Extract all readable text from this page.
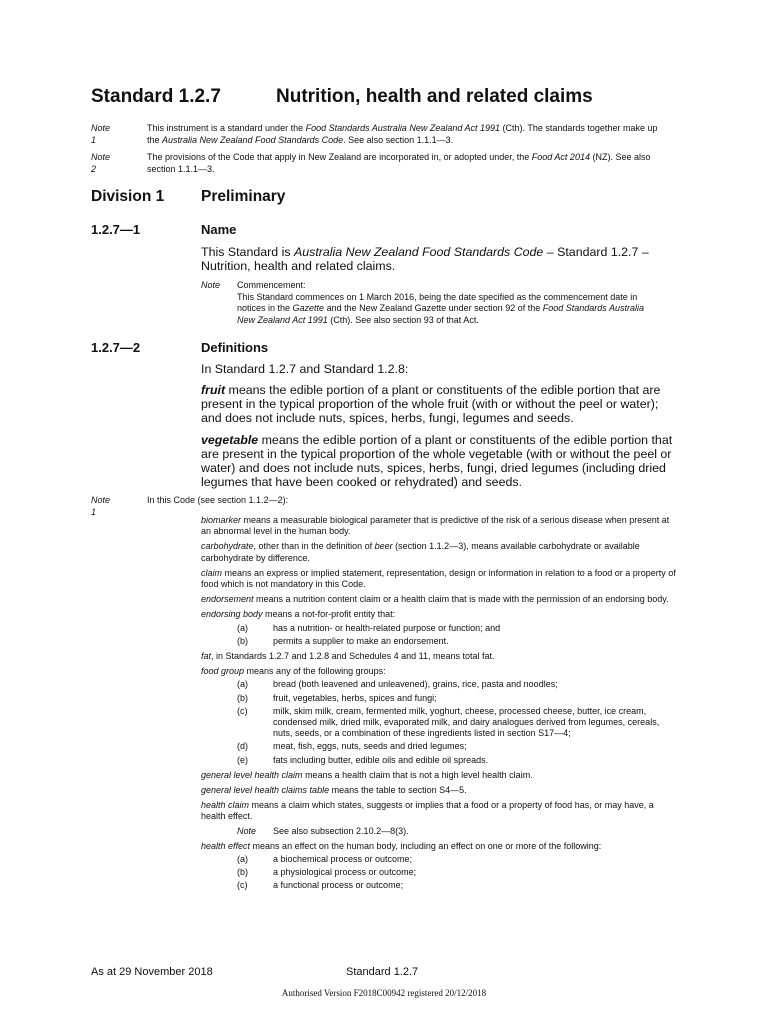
Standard 1.2.7	Nutrition, health and related claims
Note 1
This instrument is a standard under the Food Standards Australia New Zealand Act 1991 (Cth). The standards together make up the Australia New Zealand Food Standards Code. See also section 1.1.1—3.
Note 2
The provisions of the Code that apply in New Zealand are incorporated in, or adopted under, the Food Act 2014 (NZ). See also section 1.1.1—3.
Division 1 Preliminary
1.2.7—1	Name
This Standard is Australia New Zealand Food Standards Code – Standard 1.2.7 – Nutrition, health and related claims.
Note Commencement:
This Standard commences on 1 March 2016, being the date specified as the commencement date in notices in the Gazette and the New Zealand Gazette under section 92 of the Food Standards Australia New Zealand Act 1991 (Cth). See also section 93 of that Act.
1.2.7—2	Definitions
In Standard 1.2.7 and Standard 1.2.8:
fruit means the edible portion of a plant or constituents of the edible portion that are present in the typical proportion of the whole fruit (with or without the peel or water); and does not include nuts, spices, herbs, fungi, legumes and seeds.
vegetable means the edible portion of a plant or constituents of the edible portion that are present in the typical proportion of the whole vegetable (with or without the peel or water) and does not include nuts, spices, herbs, fungi, dried legumes (including dried legumes that have been cooked or rehydrated) and seeds.
Note 1
In this Code (see section 1.1.2—2):
biomarker means a measurable biological parameter that is predictive of the risk of a serious disease when present at an abnormal level in the human body.
carbohydrate, other than in the definition of beer (section 1.1.2—3), means available carbohydrate or available carbohydrate by difference.
claim means an express or implied statement, representation, design or information in relation to a food or a property of food which is not mandatory in this Code.
endorsement means a nutrition content claim or a health claim that is made with the permission of an endorsing body.
endorsing body means a not-for-profit entity that:
(a)	has a nutrition- or health-related purpose or function; and
(b)	permits a supplier to make an endorsement.
fat, in Standards 1.2.7 and 1.2.8 and Schedules 4 and 11, means total fat.
food group means any of the following groups:
(a)	bread (both leavened and unleavened), grains, rice, pasta and noodles;
(b)	fruit, vegetables, herbs, spices and fungi;
(c)	milk, skim milk, cream, fermented milk, yoghurt, cheese, processed cheese, butter, ice cream, condensed milk, dried milk, evaporated milk, and dairy analogues derived from legumes, cereals, nuts, seeds, or a combination of these ingredients listed in section S17—4;
(d)	meat, fish, eggs, nuts, seeds and dried legumes;
(e)	fats including butter, edible oils and edible oil spreads.
general level health claim means a health claim that is not a high level health claim.
general level health claims table means the table to section S4—5.
health claim means a claim which states, suggests or implies that a food or a property of food has, or may have, a health effect.
Note See also subsection 2.10.2—8(3).
health effect means an effect on the human body, including an effect on one or more of the following:
(a)	a biochemical process or outcome;
(b)	a physiological process or outcome;
(c)	a functional process or outcome;
As at 29 November 2018	Standard 1.2.7
Authorised Version F2018C00942 registered 20/12/2018
